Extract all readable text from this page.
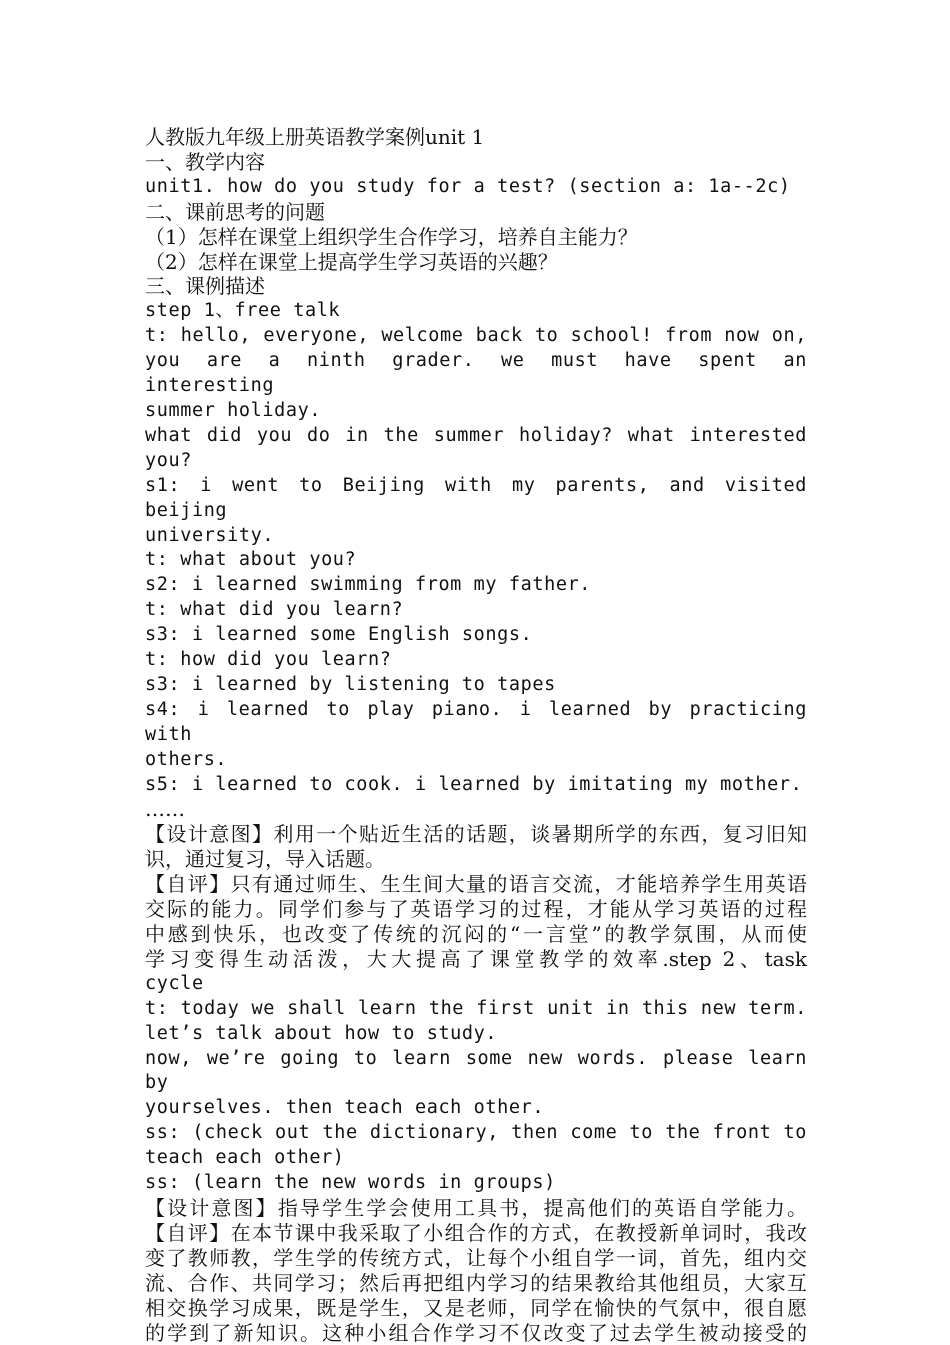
人教版九年级上册英语教学案例unit 1
一、教学内容
unit1. how do you study for a test? (section a: 1a--2c)
二、课前思考的问题
（1）怎样在课堂上组织学生合作学习，培养自主能力？
（2）怎样在课堂上提高学生学习英语的兴趣？
三、课例描述
step 1、free talk
t: hello, everyone, welcome back to school! from now on,
you are a ninth grader. we must have spent an interesting
summer holiday.
what did you do in the summer holiday? what interested you?
s1: i went to Beijing with my parents, and visited beijing
university.
t: what about you?
s2: i learned swimming from my father.
t: what did you learn?
s3: i learned some English songs.
t: how did you learn?
s3: i learned by listening to tapes
s4: i learned to play piano. i learned by practicing with
others.
s5: i learned to cook. i learned by imitating my mother.
……
【设计意图】利用一个贴近生活的话题，谈暑期所学的东西，复习旧知
识，通过复习，导入话题。
【自评】只有通过师生、生生间大量的语言交流，才能培养学生用英语
交际的能力。同学们参与了英语学习的过程，才能从学习英语的过程
中感到快乐，也改变了传统的沉闷的“一言堂”的教学氛围，从而使
学习变得生动活泼，大大提高了课堂教学的效率.step 2、task
cycle
t: today we shall learn the first unit in this new term.
let’s talk about how to study.
now, we’re going to learn some new words. please learn by
yourselves. then teach each other.
ss: (check out the dictionary, then come to the front to
teach each other)
ss: (learn the new words in groups)
【设计意图】指导学生学会使用工具书，提高他们的英语自学能力。
【自评】在本节课中我采取了小组合作的方式，在教授新单词时，我改
变了教师教，学生学的传统方式，让每个小组自学一词，首先，组内交
流、合作、共同学习；然后再把组内学习的结果教给其他组员，大家互
相交换学习成果，既是学生，又是老师，同学在愉快的气氛中，很自愿
的学到了新知识。这种小组合作学习不仅改变了过去学生被动接受的
